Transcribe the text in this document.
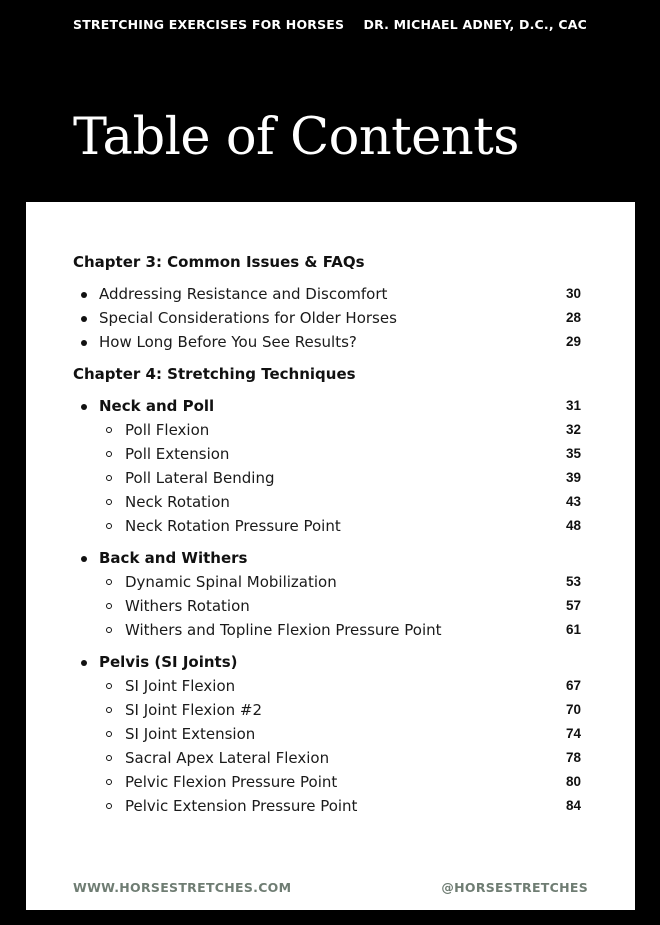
STRETCHING EXERCISES FOR HORSES DR. MICHAEL ADNEY, D.C., CAC
Table of Contents
Chapter 3: Common Issues & FAQs
Addressing Resistance and Discomfort	30
Special Considerations for Older Horses	28
How Long Before You See Results?	29
Chapter 4: Stretching Techniques
Neck and Poll	31
Poll Flexion	32
Poll Extension	35
Poll Lateral Bending	39
Neck Rotation	43
Neck Rotation Pressure Point	48
Back and Withers
Dynamic Spinal Mobilization	53
Withers Rotation	57
Withers and Topline Flexion Pressure Point	61
Pelvis (SI Joints)
SI Joint Flexion	67
SI Joint Flexion #2	70
SI Joint Extension	74
Sacral Apex Lateral Flexion	78
Pelvic Flexion Pressure Point	80
Pelvic Extension Pressure Point	84
WWW.HORSESTRETCHES.COM	@HORSESTRETCHES
